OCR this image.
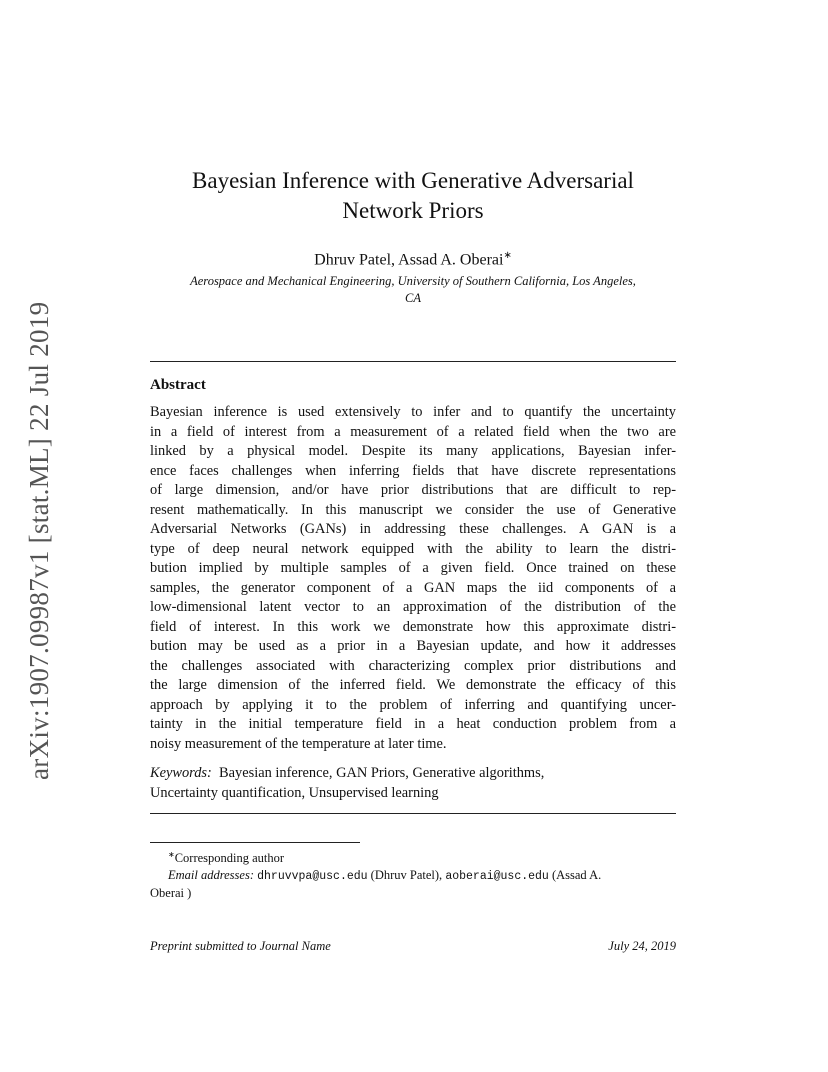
arXiv:1907.09987v1 [stat.ML] 22 Jul 2019
Bayesian Inference with Generative Adversarial
Network Priors
Dhruv Patel, Assad A. Oberai∗
Aerospace and Mechanical Engineering, University of Southern California, Los Angeles,
CA
Abstract
Bayesian inference is used extensively to infer and to quantify the uncertainty
in a field of interest from a measurement of a related field when the two are
linked by a physical model. Despite its many applications, Bayesian infer-
ence faces challenges when inferring fields that have discrete representations
of large dimension, and/or have prior distributions that are difficult to rep-
resent mathematically. In this manuscript we consider the use of Generative
Adversarial Networks (GANs) in addressing these challenges. A GAN is a
type of deep neural network equipped with the ability to learn the distri-
bution implied by multiple samples of a given field. Once trained on these
samples, the generator component of a GAN maps the iid components of a
low-dimensional latent vector to an approximation of the distribution of the
field of interest. In this work we demonstrate how this approximate distri-
bution may be used as a prior in a Bayesian update, and how it addresses
the challenges associated with characterizing complex prior distributions and
the large dimension of the inferred field. We demonstrate the efficacy of this
approach by applying it to the problem of inferring and quantifying uncer-
tainty in the initial temperature field in a heat conduction problem from a
noisy measurement of the temperature at later time.
Keywords: Bayesian inference, GAN Priors, Generative algorithms,
Uncertainty quantification, Unsupervised learning
∗Corresponding author
Email addresses: dhruvvpa@usc.edu (Dhruv Patel), aoberai@usc.edu (Assad A.
Oberai )
Preprint submitted to Journal Name	July 24, 2019
